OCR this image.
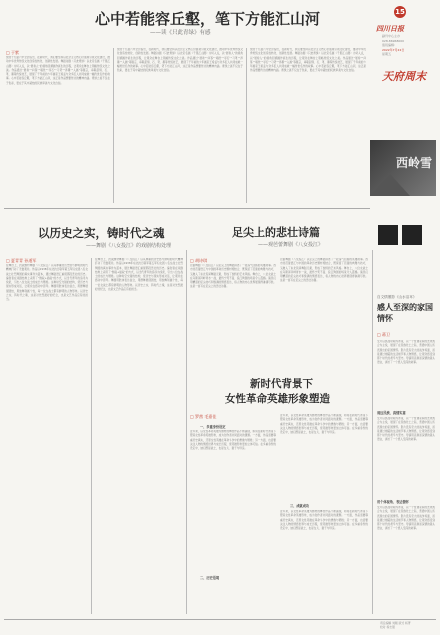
心中若能容丘壑，笔下方能汇山河
——读《只此青绿》有感
15
四川日报
副刊中心主办
028-86968000
值班编辑：
2022年7月22日
星期五
天府周末
西岭雪
□ 于紫
党的十九届六中全会指出，在新时代，我们要坚持以社会主义核心价值观引领文化建设，推动中华优秀传统文化创造性转化、创新性发展。舞蹈诗剧《只此青绿》以北宋名画《千里江山图》为切入点，以“展卷人”的视角回溯画作诞生的历程，让观众在舞台上领略传统文化之美。作品通过“展卷”“问篆”“唱丝”“寻石”“习笔”“淬墨”“入画”等篇章，串联起绢、石、笔、墨等传统技艺，展现了千年前的少年画家王希孟与众多匠人共同成就一幅传世名作的故事。心中若能容丘壑，笔下方能汇山河，这正是作品想要传达的精神内涵。青绿之美不仅在于色彩，更在于其中凝结的民族审美与文化自信。
党的十九届六中全会指出，在新时代，我们要坚持以社会主义核心价值观引领文化建设，推动中华优秀传统文化创造性转化、创新性发展。舞蹈诗剧《只此青绿》以北宋名画《千里江山图》为切入点，以“展卷人”的视角回溯画作诞生的历程，让观众在舞台上领略传统文化之美。作品通过“展卷”“问篆”“唱丝”“寻石”“习笔”“淬墨”“入画”等篇章，串联起绢、石、笔、墨等传统技艺，展现了千年前的少年画家王希孟与众多匠人共同成就一幅传世名作的故事。心中若能容丘壑，笔下方能汇山河，这正是作品想要传达的精神内涵。青绿之美不仅在于色彩，更在于其中凝结的民族审美与文化自信。
党的十九届六中全会指出，在新时代，我们要坚持以社会主义核心价值观引领文化建设，推动中华优秀传统文化创造性转化、创新性发展。舞蹈诗剧《只此青绿》以北宋名画《千里江山图》为切入点，以“展卷人”的视角回溯画作诞生的历程，让观众在舞台上领略传统文化之美。作品通过“展卷”“问篆”“唱丝”“寻石”“习笔”“淬墨”“入画”等篇章，串联起绢、石、笔、墨等传统技艺，展现了千年前的少年画家王希孟与众多匠人共同成就一幅传世名作的故事。心中若能容丘壑，笔下方能汇山河，这正是作品想要传达的精神内涵。青绿之美不仅在于色彩，更在于其中凝结的民族审美与文化自信。
以历史之实，铸时代之魂
——舞剧《八女投江》的戏剧结构处理
足尖上的悲壮诗篇
——观芭蕾舞剧《八女投江》
□ 夏青青 孙道军
在舞台上，抗战题材舞剧《八女投江》以其厚重的历史感与鲜明的时代精神打动了无数观众。作品以1938年东北抗日联军第五军妇女团八名女战士壮烈殉国的真实事件为蓝本，通过舞蹈语汇重现那段悲壮的历史。编创者在戏剧结构上采用了“倒叙+插叙”的方式，以当代青年的追寻为线索，引出八位女战士的成长与牺牲。这种时空交错的结构，使历史与现实形成对话，让观众在感动中思考。舞剧用肢体表达信念，用群舞展现团结，用独舞刻画个性，每一位女战士都有鲜明的人物形象。以历史之实，铸时代之魂，这是对先烈最好的纪念，也是文艺作品应有的担当。
在舞台上，抗战题材舞剧《八女投江》以其厚重的历史感与鲜明的时代精神打动了无数观众。作品以1938年东北抗日联军第五军妇女团八名女战士壮烈殉国的真实事件为蓝本，通过舞蹈语汇重现那段悲壮的历史。编创者在戏剧结构上采用了“倒叙+插叙”的方式，以当代青年的追寻为线索，引出八位女战士的成长与牺牲。这种时空交错的结构，使历史与现实形成对话，让观众在感动中思考。舞剧用肢体表达信念，用群舞展现团结，用独舞刻画个性，每一位女战士都有鲜明的人物形象。以历史之实，铸时代之魂，这是对先烈最好的纪念，也是文艺作品应有的担当。
□ 胡诗琪
芭蕾舞剧《八女投江》以足尖上的舞蹈讲述了一段荡气回肠的英雄故事。西方的芭蕾语汇与中国的革命历史题材相结合，既保留了芭蕾的典雅与技巧，又融入了东北民间舞蹈元素，形成了独特的艺术风格。舞台上，八位女战士在乌斯浑河畔背水一战，最终宁死不屈、投江殉国的场景令人震撼。演员们用精湛的足尖技巧和饱满的情感表达，将人物的内心世界展现得淋漓尽致。这是一首写在足尖上的悲壮诗篇。
芭蕾舞剧《八女投江》以足尖上的舞蹈讲述了一段荡气回肠的英雄故事。西方的芭蕾语汇与中国的革命历史题材相结合，既保留了芭蕾的典雅与技巧，又融入了东北民间舞蹈元素，形成了独特的艺术风格。舞台上，八位女战士在乌斯浑河畔背水一战，最终宁死不屈、投江殉国的场景令人震撼。演员们用精湛的足尖技巧和饱满的情感表达，将人物的内心世界展现得淋漓尽致。这是一首写在足尖上的悲壮诗篇。
新时代背景下
女性革命英雄形象塑造
□ 罗茜 毛嘉佳
一、多重身份设定
近年来，以女性革命英雄为题材的舞台作品不断涌现，如何在新时代背景下塑造女性革命英雄形象，成为创作者共同面对的课题。一方面，作品需要尊重历史真实，还原女性英雄在革命斗争中的勇敢与牺牲；另一方面，也需要关注人物的情感世界与成长历程，使英雄形象更加立体可信。在多重身份的设定中，她们既是战士，也是女儿、妻子与母亲。
二、历史语境
近年来，以女性革命英雄为题材的舞台作品不断涌现，如何在新时代背景下塑造女性革命英雄形象，成为创作者共同面对的课题。一方面，作品需要尊重历史真实，还原女性英雄在革命斗争中的勇敢与牺牲；另一方面，也需要关注人物的情感世界与成长历程，使英雄形象更加立体可信。在多重身份的设定中，她们既是战士，也是女儿、妻子与母亲。
三、成就成功
近年来，以女性革命英雄为题材的舞台作品不断涌现，如何在新时代背景下塑造女性革命英雄形象，成为创作者共同面对的课题。一方面，作品需要尊重历史真实，还原女性英雄在革命斗争中的勇敢与牺牲；另一方面，也需要关注人物的情感世界与成长历程，使英雄形象更加立体可信。在多重身份的设定中，她们既是战士，也是女儿、妻子与母亲。
自文情墨影《山水洁耳》
感人至深的家国情怀
□ 蒋卫
全片以抗战时期为背景，以一个普通家庭的悲欢离合为主线，展现了在民族危亡之际，普通中国人所表现出的家国情怀。影片没有宏大的战争场面，而是通过细腻的生活细节和人物情感，让观众感受到那个时代的艰辛与坚守。导演用克制而深情的镜头语言，讲述了一个感人至深的故事。
周边民族、真情实意
全片以抗战时期为背景，以一个普通家庭的悲欢离合为主线，展现了在民族危亡之际，普通中国人所表现出的家国情怀。影片没有宏大的战争场面，而是通过细腻的生活细节和人物情感，让观众感受到那个时代的艰辛与坚守。导演用克制而深情的镜头语言，讲述了一个感人至深的故事。
用个体视角、表达情怀
全片以抗战时期为背景，以一个普通家庭的悲欢离合为主线，展现了在民族危亡之际，普通中国人所表现出的家国情怀。影片没有宏大的战争场面，而是通过细腻的生活细节和人物情感，让观众感受到那个时代的艰辛与坚守。导演用克制而深情的镜头语言，讲述了一个感人至深的故事。
责任编辑 刘刚 版式 杨菁
校对 杨志强
